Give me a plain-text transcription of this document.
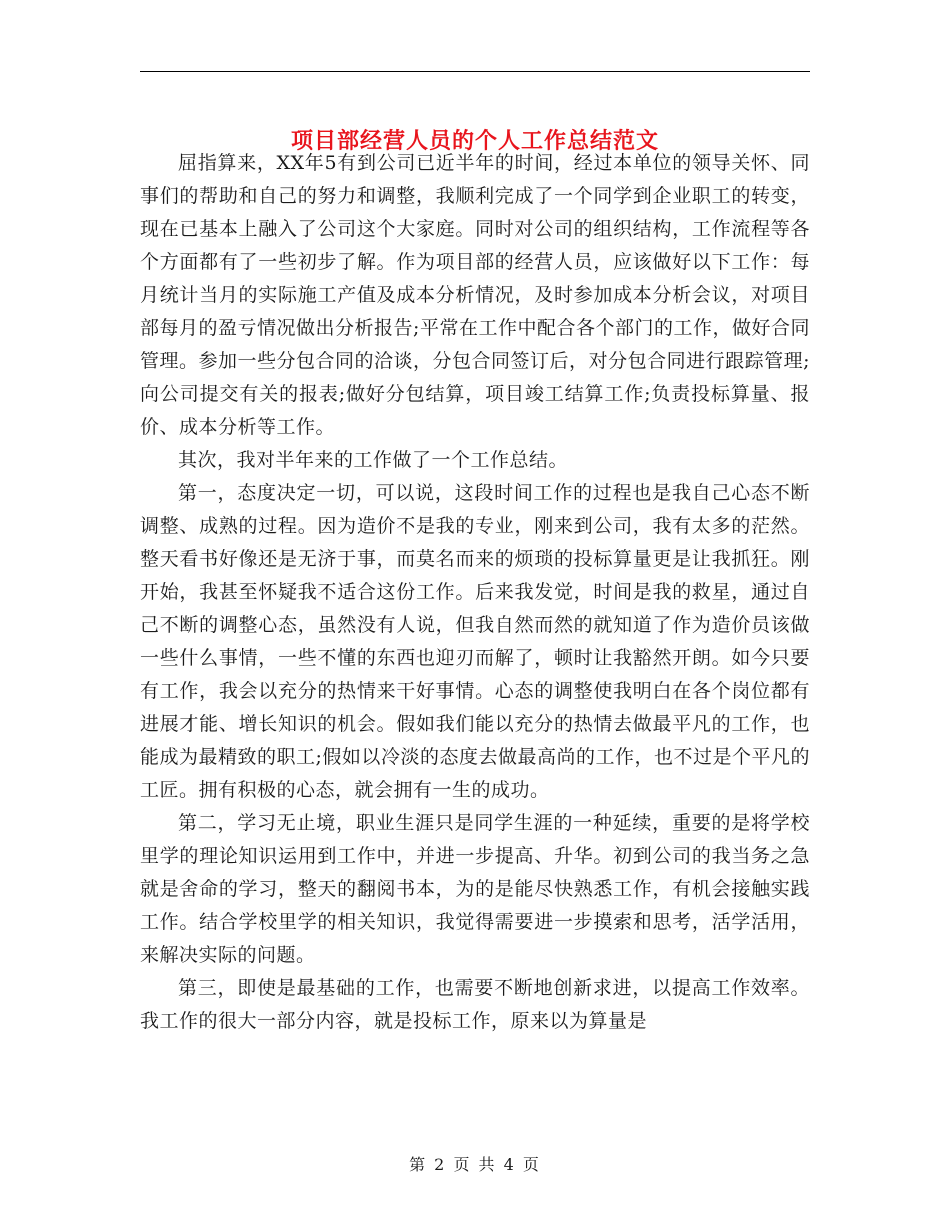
项目部经营人员的个人工作总结范文

屈指算来，XX年5有到公司已近半年的时间，经过本单位的领导关怀、同事们的帮助和自己的努力和调整，我顺利完成了一个同学到企业职工的转变，现在已基本上融入了公司这个大家庭。同时对公司的组织结构，工作流程等各个方面都有了一些初步了解。作为项目部的经营人员，应该做好以下工作：每月统计当月的实际施工产值及成本分析情况，及时参加成本分析会议，对项目部每月的盈亏情况做出分析报告;平常在工作中配合各个部门的工作，做好合同管理。参加一些分包合同的洽谈，分包合同签订后，对分包合同进行跟踪管理;向公司提交有关的报表;做好分包结算，项目竣工结算工作;负责投标算量、报价、成本分析等工作。

其次，我对半年来的工作做了一个工作总结。

第一，态度决定一切，可以说，这段时间工作的过程也是我自己心态不断调整、成熟的过程。因为造价不是我的专业，刚来到公司，我有太多的茫然。整天看书好像还是无济于事，而莫名而来的烦琐的投标算量更是让我抓狂。刚开始，我甚至怀疑我不适合这份工作。后来我发觉，时间是我的救星，通过自己不断的调整心态，虽然没有人说，但我自然而然的就知道了作为造价员该做一些什么事情，一些不懂的东西也迎刃而解了，顿时让我豁然开朗。如今只要有工作，我会以充分的热情来干好事情。心态的调整使我明白在各个岗位都有进展才能、增长知识的机会。假如我们能以充分的热情去做最平凡的工作，也能成为最精致的职工;假如以冷淡的态度去做最高尚的工作，也不过是个平凡的工匠。拥有积极的心态，就会拥有一生的成功。

第二，学习无止境，职业生涯只是同学生涯的一种延续，重要的是将学校里学的理论知识运用到工作中，并进一步提高、升华。初到公司的我当务之急就是舍命的学习，整天的翻阅书本，为的是能尽快熟悉工作，有机会接触实践工作。结合学校里学的相关知识，我觉得需要进一步摸索和思考，活学活用，来解决实际的问题。

第三，即使是最基础的工作，也需要不断地创新求进，以提高工作效率。我工作的很大一部分内容，就是投标工作，原来以为算量是

第 2 页 共 4 页
